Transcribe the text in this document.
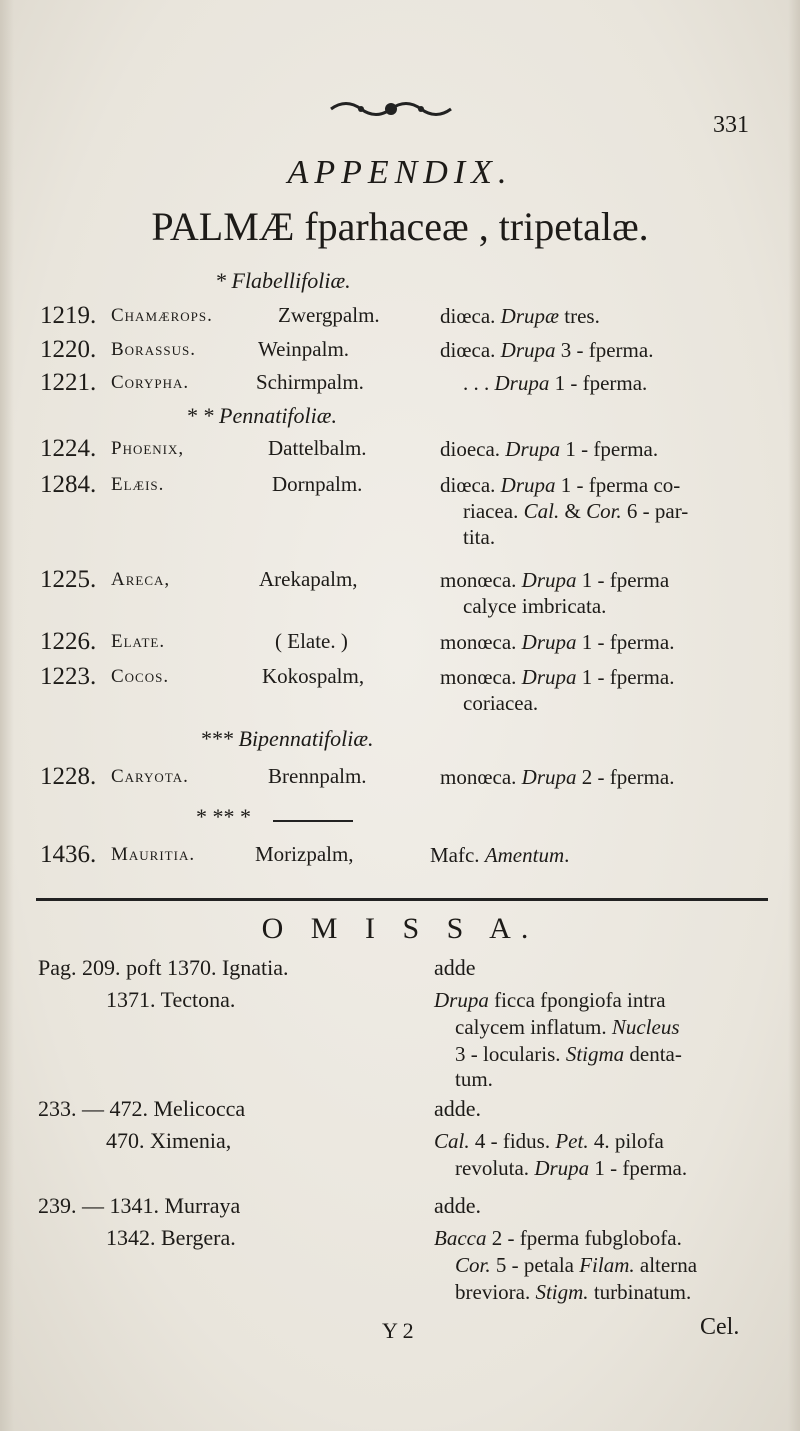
331
APPENDIX.
PALMÆ fparhaceæ , tripetalæ.
* Flabellifoliæ.
1219. Chamærops.	Zwergpalm.	diœca. Drupæ tres.
1220. Borassus.	Weinpalm.	diœca. Drupa 3 - fperma.
1221. Corypha.	Schirmpalm.	. . . Drupa 1 - fperma.
* * Pennatifoliæ.
1224. Phoenix,	Dattelbalm.	dioeca. Drupa 1 - fperma.
1284. Elæis.	Dornpalm.	diœca. Drupa 1 - fperma co-
riacea. Cal. & Cor. 6 - par-
tita.
1225. Areca,	Arekapalm,	monœca. Drupa 1 - fperma
calyce imbricata.
1226. Elate.	( Elate. )	monœca. Drupa 1 - fperma.
1223. Cocos.	Kokospalm,	monœca. Drupa 1 - fperma.
coriacea.
*** Bipennatifoliæ.
1228. Caryota.	Brennpalm.	monœca. Drupa 2 - fperma.
* ** *
1436. Mauritia.	Morizpalm,	Mafc. Amentum.
O M I S S A.
Pag. 209. poft 1370. Ignatia.	adde
1371. Tectona.	Drupa ficca fpongiofa intra
calycem inflatum. Nucleus
3 - locularis. Stigma denta-
tum.
233. — 472. Melicocca	adde.
470. Ximenia,	Cal. 4 - fidus. Pet. 4. pilofa
revoluta. Drupa 1 - fperma.
239. — 1341. Murraya	adde.
1342. Bergera.	Bacca 2 - fperma fubglobofa.
Cor. 5 - petala Filam. alterna
breviora. Stigm. turbinatum.
Y 2	Cel.
